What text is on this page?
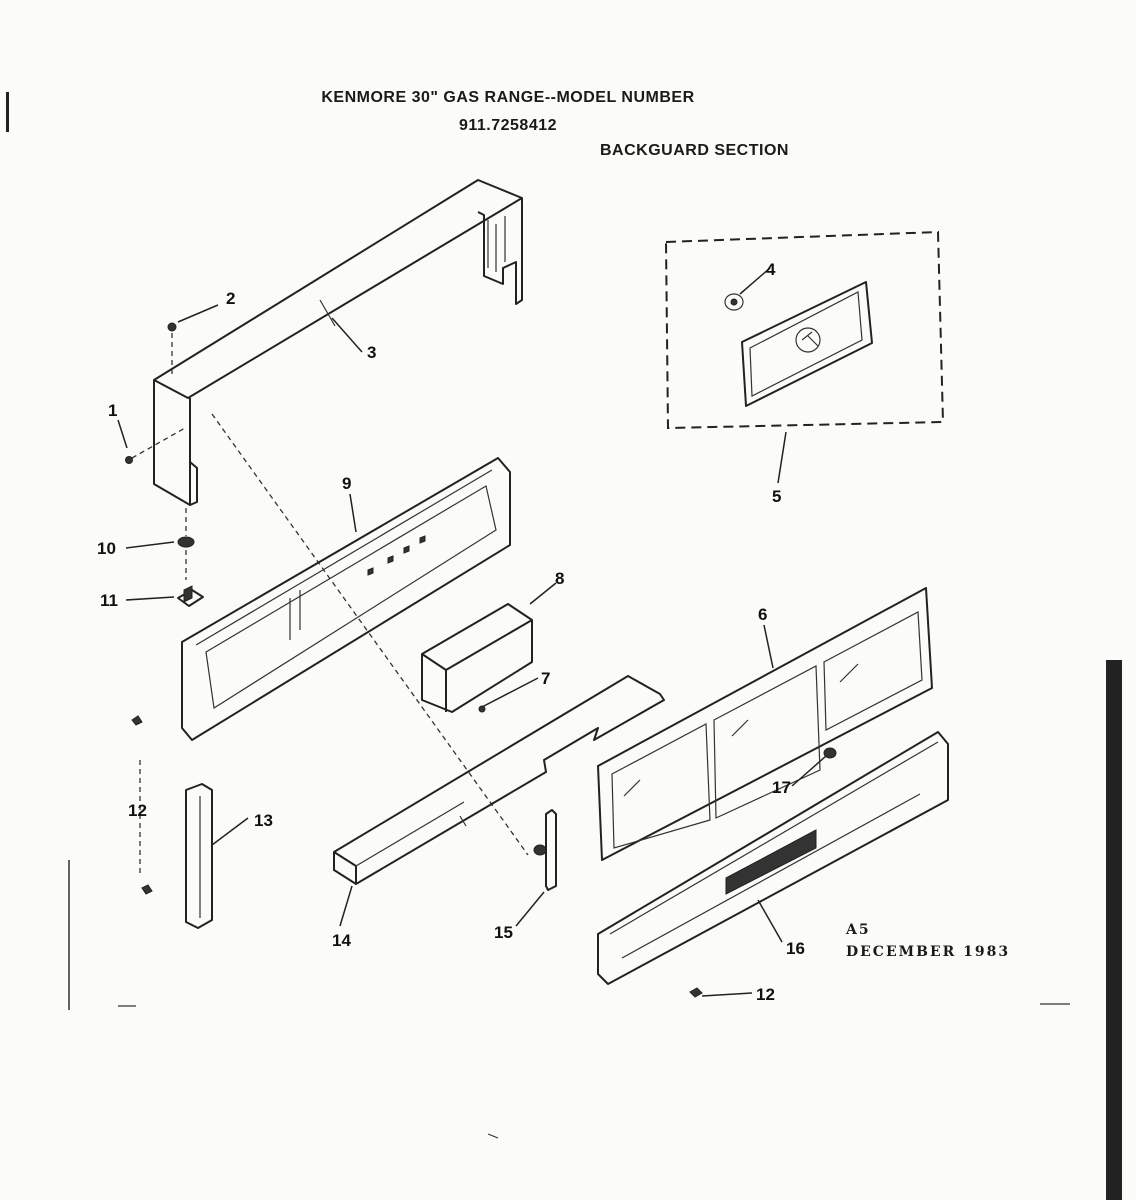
KENMORE 30" GAS RANGE--MODEL NUMBER
911.7258412
BACKGUARD SECTION
2
3
1
10
11
9
8
7
6
4
5
17
12
13
14	15
16
12
A5
DECEMBER 1983
